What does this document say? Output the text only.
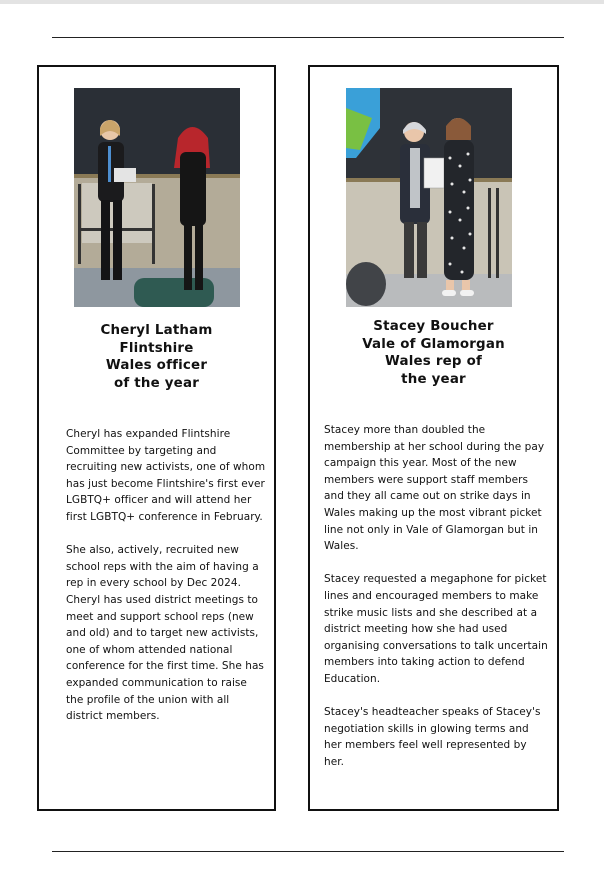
Cheryl Latham
Flintshire
Wales officer
of the year

Cheryl has expanded Flintshire Committee by targeting and recruiting new activists, one of whom has just become Flintshire's first ever LGBTQ+ officer and will attend her first LGBTQ+ conference in February.

She also, actively, recruited new school reps with the aim of having a rep in every school by Dec 2024. Cheryl has used district meetings to meet and support school reps (new and old) and to target new activists, one of whom attended national conference for the first time. She has expanded communication to raise the profile of the union with all district members.

Stacey Boucher
Vale of Glamorgan
Wales rep of
the year

Stacey more than doubled the membership at her school during the pay campaign this year. Most of the new members were support staff members and they all came out on strike days in Wales making up the most vibrant picket line not only in Vale of Glamorgan but in Wales.

Stacey requested a megaphone for picket lines and encouraged members to make strike music lists and she described at a district meeting how she had used organising conversations to talk uncertain members into taking action to defend Education.

Stacey's headteacher speaks of Stacey's negotiation skills in glowing terms and her members feel well represented by her.
